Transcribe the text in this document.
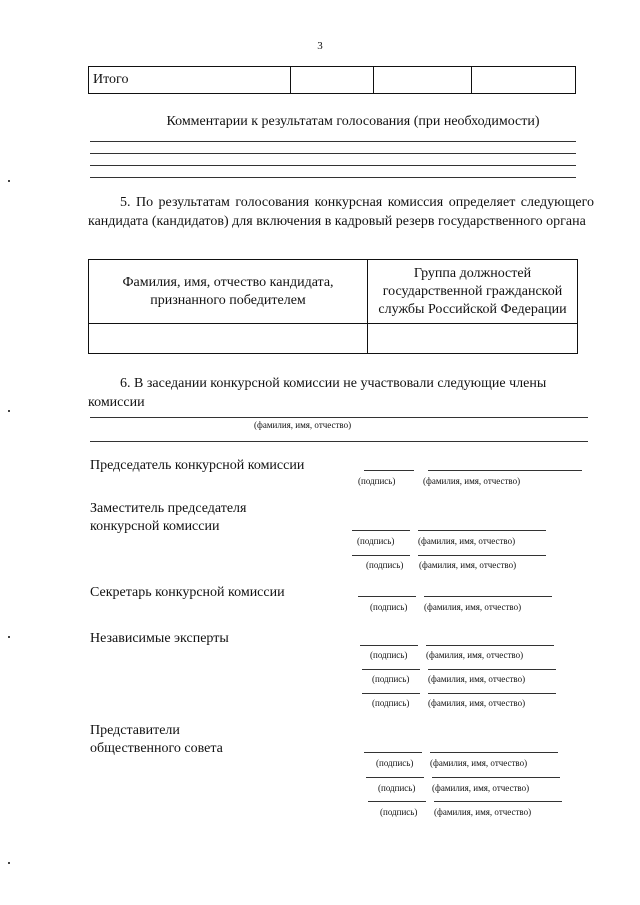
3
Итого			
Комментарии к результатам голосования (при необходимости)
5. По результатам голосования конкурсная комиссия определяет следующего кандидата (кандидатов) для включения в кадровый резерв государственного органа
Фамилия, имя, отчество кандидата, признанного победителем	Группа должностей государственной гражданской службы Российской Федерации

6. В заседании конкурсной комиссии не участвовали следующие члены комиссии
(фамилия, имя, отчество)
Председатель конкурсной комиссии
(подпись)	(фамилия, имя, отчество)
Заместитель председателя
конкурсной комиссии
(подпись)	(фамилия, имя, отчество)
(подпись) (фамилия, имя, отчество)
Секретарь конкурсной комиссии
(подпись) (фамилия, имя, отчество)
Независимые эксперты
(подпись) (фамилия, имя, отчество)
(подпись) (фамилия, имя, отчество)
(подпись) (фамилия, имя, отчество)
Представители
общественного совета
(подпись) (фамилия, имя, отчество)
(подпись) (фамилия, имя, отчество)
(подпись) (фамилия, имя, отчество)
